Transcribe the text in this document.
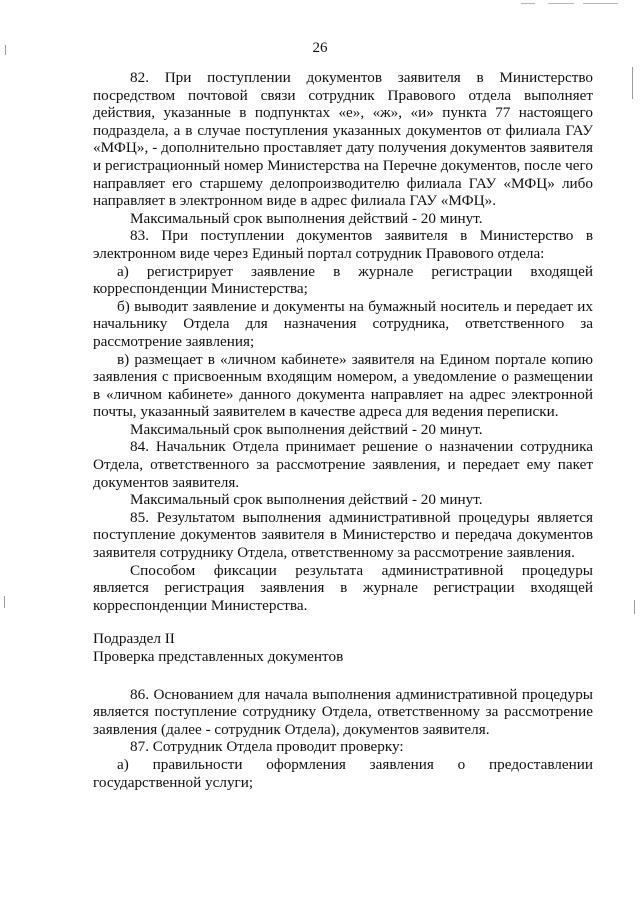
26

82. При поступлении документов заявителя в Министерство посредством почтовой связи сотрудник Правового отдела выполняет действия, указанные в подпунктах «е», «ж», «и» пункта 77 настоящего подраздела, а в случае поступления указанных документов от филиала ГАУ «МФЦ», - дополнительно проставляет дату получения документов заявителя и регистрационный номер Министерства на Перечне документов, после чего направляет его старшему делопроизводителю филиала ГАУ «МФЦ» либо направляет в электронном виде в адрес филиала ГАУ «МФЦ».

Максимальный срок выполнения действий - 20 минут.

83. При поступлении документов заявителя в Министерство в электронном виде через Единый портал сотрудник Правового отдела:

а) регистрирует заявление в журнале регистрации входящей корреспонденции Министерства;

б) выводит заявление и документы на бумажный носитель и передает их начальнику Отдела для назначения сотрудника, ответственного за рассмотрение заявления;

в) размещает в «личном кабинете» заявителя на Едином портале копию заявления с присвоенным входящим номером, а уведомление о размещении в «личном кабинете» данного документа направляет на адрес электронной почты, указанный заявителем в качестве адреса для ведения переписки.

Максимальный срок выполнения действий - 20 минут.

84. Начальник Отдела принимает решение о назначении сотрудника Отдела, ответственного за рассмотрение заявления, и передает ему пакет документов заявителя.

Максимальный срок выполнения действий - 20 минут.

85. Результатом выполнения административной процедуры является поступление документов заявителя в Министерство и передача документов заявителя сотруднику Отдела, ответственному за рассмотрение заявления.

Способом фиксации результата административной процедуры является регистрация заявления в журнале регистрации входящей корреспонденции Министерства.

Подраздел II

Проверка представленных документов

86. Основанием для начала выполнения административной процедуры является поступление сотруднику Отдела, ответственному за рассмотрение заявления (далее - сотрудник Отдела), документов заявителя.

87. Сотрудник Отдела проводит проверку:

а) правильности оформления заявления о предоставлении государственной услуги;
